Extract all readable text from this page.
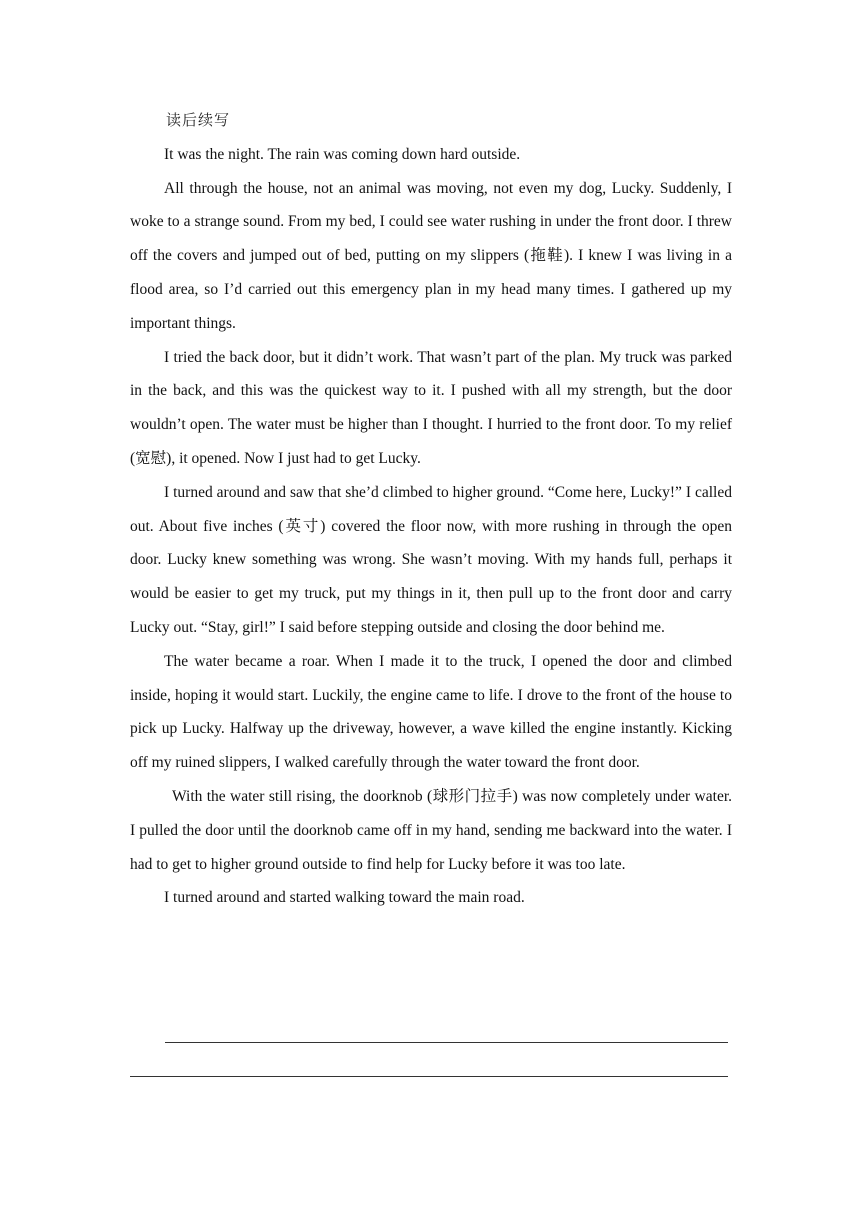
读后续写

It was the night. The rain was coming down hard outside.

All through the house, not an animal was moving, not even my dog, Lucky. Suddenly, I woke to a strange sound. From my bed, I could see water rushing in under the front door. I threw off the covers and jumped out of bed, putting on my slippers (拖鞋). I knew I was living in a flood area, so I’d carried out this emergency plan in my head many times. I gathered up my important things.

I tried the back door, but it didn’t work. That wasn’t part of the plan. My truck was parked in the back, and this was the quickest way to it. I pushed with all my strength, but the door wouldn’t open. The water must be higher than I thought. I hurried to the front door. To my relief (宽慰), it opened. Now I just had to get Lucky.

I turned around and saw that she’d climbed to higher ground. “Come here, Lucky!” I called out. About five inches (英寸) covered the floor now, with more rushing in through the open door. Lucky knew something was wrong. She wasn’t moving. With my hands full, perhaps it would be easier to get my truck, put my things in it, then pull up to the front door and carry Lucky out. “Stay, girl!” I said before stepping outside and closing the door behind me.

The water became a roar. When I made it to the truck, I opened the door and climbed inside, hoping it would start. Luckily, the engine came to life. I drove to the front of the house to pick up Lucky. Halfway up the driveway, however, a wave killed the engine instantly. Kicking off my ruined slippers, I walked carefully through the water toward the front door.

With the water still rising, the doorknob (球形门拉手) was now completely under water. I pulled the door until the doorknob came off in my hand, sending me backward into the water. I had to get to higher ground outside to find help for Lucky before it was too late.

I turned around and started walking toward the main road.
